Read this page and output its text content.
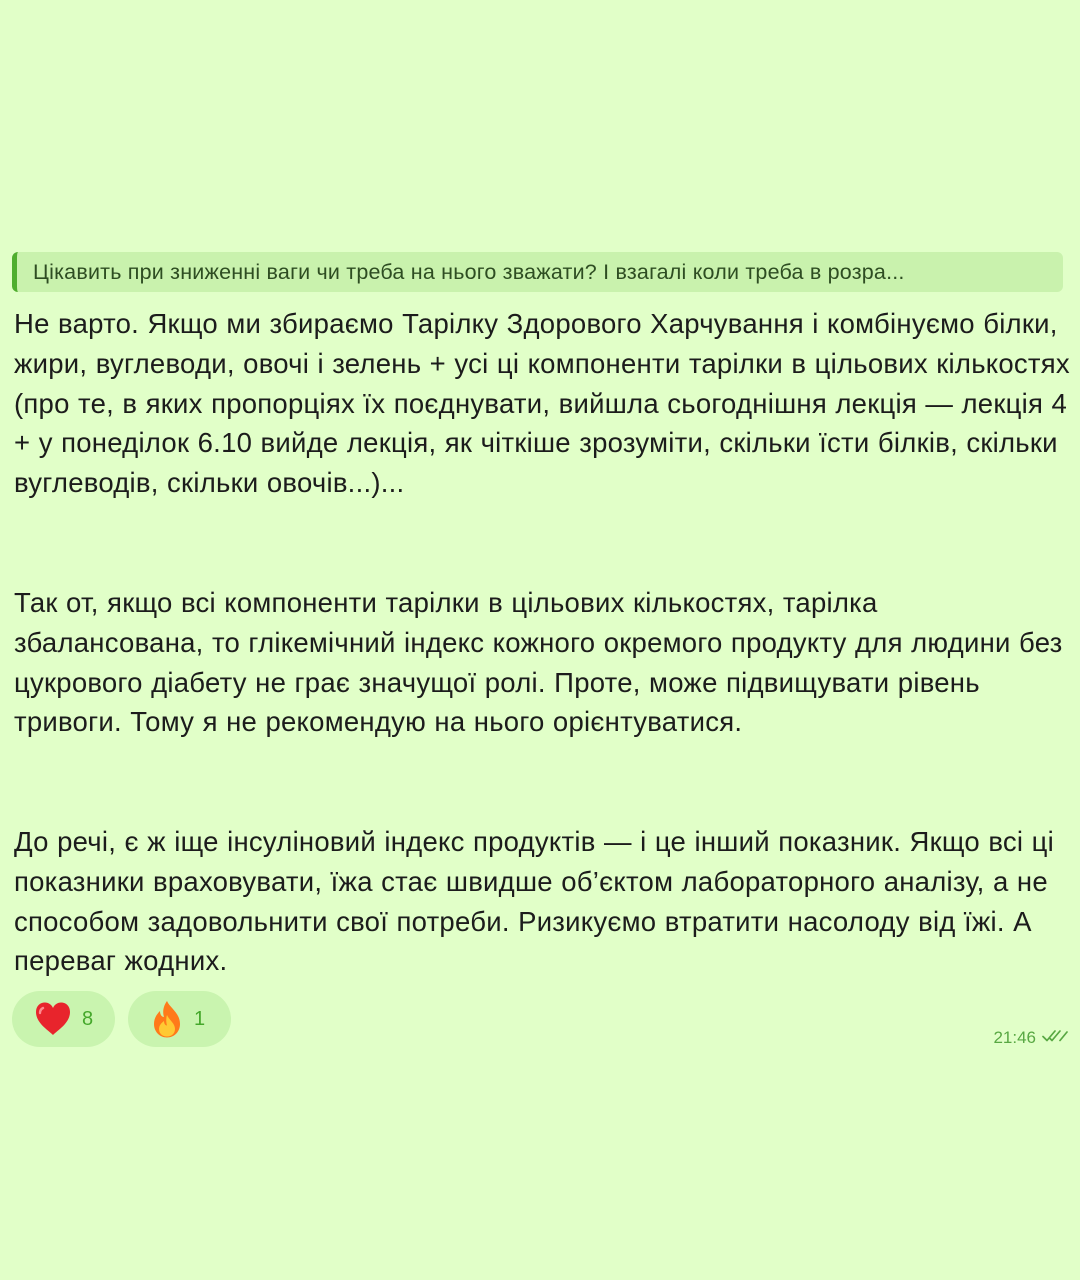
Цікавить при зниженні ваги чи треба на нього зважати? І взагалі коли треба в розра...

Не варто. Якщо ми збираємо Тарілку Здорового Харчування і комбінуємо білки, жири, вуглеводи, овочі і зелень + усі ці компоненти тарілки в цільових кількостях (про те, в яких пропорціях їх поєднувати, вийшла сьогоднішня лекція — лекція 4 + у понеділок 6.10 вийде лекція, як чіткіше зрозуміти, скільки їсти білків, скільки вуглеводів, скільки овочів...)...

Так от, якщо всі компоненти тарілки в цільових кількостях, тарілка збалансована, то глікемічний індекс кожного окремого продукту для людини без цукрового діабету не грає значущої ролі. Проте, може підвищувати рівень тривоги. Тому я не рекомендую на нього орієнтуватися.

До речі, є ж іще інсуліновий індекс продуктів — і це інший показник. Якщо всі ці показники враховувати, їжа стає швидше об’єктом лабораторного аналізу, а не способом задовольнити свої потреби. Ризикуємо втратити насолоду від їжі. А переваг жодних.

8	1
21:46
